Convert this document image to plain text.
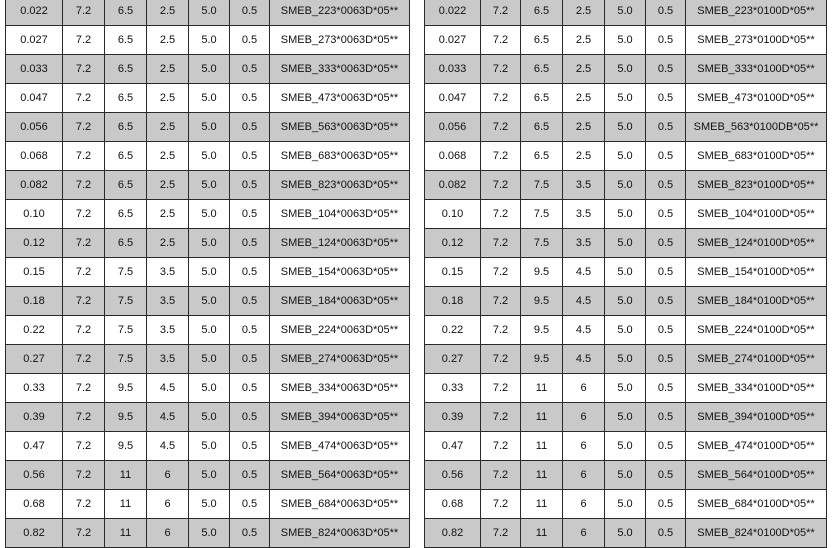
0.022	7.2	6.5	2.5	5.0	0.5	SMEB_223*0063D*05**
0.027	7.2	6.5	2.5	5.0	0.5	SMEB_273*0063D*05**
0.033	7.2	6.5	2.5	5.0	0.5	SMEB_333*0063D*05**
0.047	7.2	6.5	2.5	5.0	0.5	SMEB_473*0063D*05**
0.056	7.2	6.5	2.5	5.0	0.5	SMEB_563*0063D*05**
0.068	7.2	6.5	2.5	5.0	0.5	SMEB_683*0063D*05**
0.082	7.2	6.5	2.5	5.0	0.5	SMEB_823*0063D*05**
0.10	7.2	6.5	2.5	5.0	0.5	SMEB_104*0063D*05**
0.12	7.2	6.5	2.5	5.0	0.5	SMEB_124*0063D*05**
0.15	7.2	7.5	3.5	5.0	0.5	SMEB_154*0063D*05**
0.18	7.2	7.5	3.5	5.0	0.5	SMEB_184*0063D*05**
0.22	7.2	7.5	3.5	5.0	0.5	SMEB_224*0063D*05**
0.27	7.2	7.5	3.5	5.0	0.5	SMEB_274*0063D*05**
0.33	7.2	9.5	4.5	5.0	0.5	SMEB_334*0063D*05**
0.39	7.2	9.5	4.5	5.0	0.5	SMEB_394*0063D*05**
0.47	7.2	9.5	4.5	5.0	0.5	SMEB_474*0063D*05**
0.56	7.2	11	6	5.0	0.5	SMEB_564*0063D*05**
0.68	7.2	11	6	5.0	0.5	SMEB_684*0063D*05**
0.82	7.2	11	6	5.0	0.5	SMEB_824*0063D*05**
0.022	7.2	6.5	2.5	5.0	0.5	SMEB_223*0100D*05**
0.027	7.2	6.5	2.5	5.0	0.5	SMEB_273*0100D*05**
0.033	7.2	6.5	2.5	5.0	0.5	SMEB_333*0100D*05**
0.047	7.2	6.5	2.5	5.0	0.5	SMEB_473*0100D*05**
0.056	7.2	6.5	2.5	5.0	0.5	SMEB_563*0100DB*05**
0.068	7.2	6.5	2.5	5.0	0.5	SMEB_683*0100D*05**
0.082	7.2	7.5	3.5	5.0	0.5	SMEB_823*0100D*05**
0.10	7.2	7.5	3.5	5.0	0.5	SMEB_104*0100D*05**
0.12	7.2	7.5	3.5	5.0	0.5	SMEB_124*0100D*05**
0.15	7.2	9.5	4.5	5.0	0.5	SMEB_154*0100D*05**
0.18	7.2	9.5	4.5	5.0	0.5	SMEB_184*0100D*05**
0.22	7.2	9.5	4.5	5.0	0.5	SMEB_224*0100D*05**
0.27	7.2	9.5	4.5	5.0	0.5	SMEB_274*0100D*05**
0.33	7.2	11	6	5.0	0.5	SMEB_334*0100D*05**
0.39	7.2	11	6	5.0	0.5	SMEB_394*0100D*05**
0.47	7.2	11	6	5.0	0.5	SMEB_474*0100D*05**
0.56	7.2	11	6	5.0	0.5	SMEB_564*0100D*05**
0.68	7.2	11	6	5.0	0.5	SMEB_684*0100D*05**
0.82	7.2	11	6	5.0	0.5	SMEB_824*0100D*05**
